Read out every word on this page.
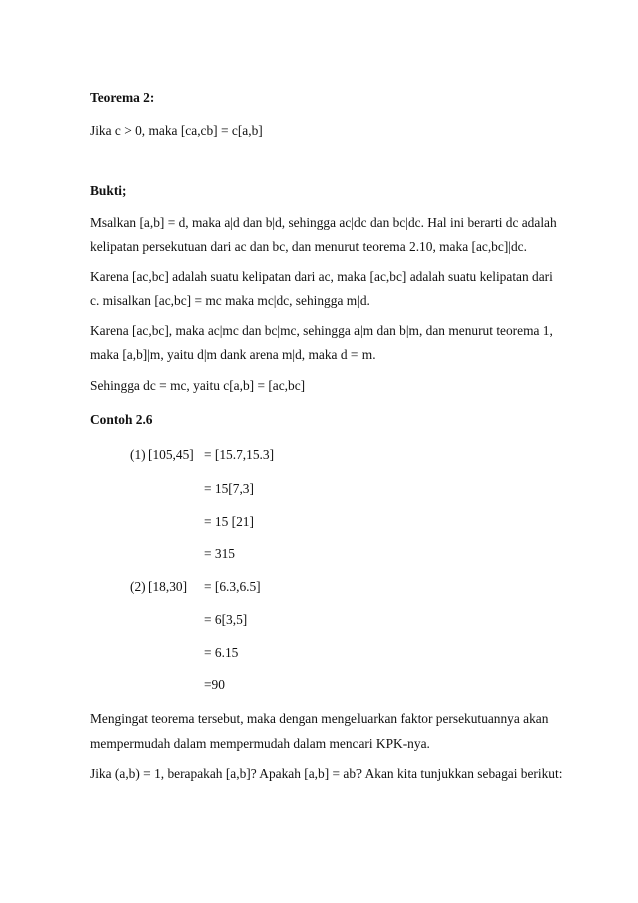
Teorema 2:
Jika c > 0, maka [ca,cb] = c[a,b]
Bukti;
Msalkan [a,b] = d, maka a|d dan b|d, sehingga ac|dc dan bc|dc. Hal ini berarti dc adalah
kelipatan persekutuan dari ac dan bc, dan menurut teorema 2.10, maka [ac,bc]|dc.
Karena [ac,bc] adalah suatu kelipatan dari ac, maka [ac,bc] adalah suatu kelipatan dari
c. misalkan [ac,bc] = mc maka mc|dc, sehingga m|d.
Karena [ac,bc], maka ac|mc dan bc|mc, sehingga a|m dan b|m, dan menurut teorema 1,
maka [a,b]|m, yaitu d|m dank arena m|d, maka d = m.
Sehingga dc = mc, yaitu c[a,b] = [ac,bc]
Contoh 2.6
(1) [105,45] = [15.7,15.3]
= 15[7,3]
= 15 [21]
= 315
(2) [18,30] = [6.3,6.5]
= 6[3,5]
= 6.15
=90
Mengingat teorema tersebut, maka dengan mengeluarkan faktor persekutuannya akan
mempermudah dalam mempermudah dalam mencari KPK-nya.
Jika (a,b) = 1, berapakah [a,b]? Apakah [a,b] = ab? Akan kita tunjukkan sebagai berikut:
